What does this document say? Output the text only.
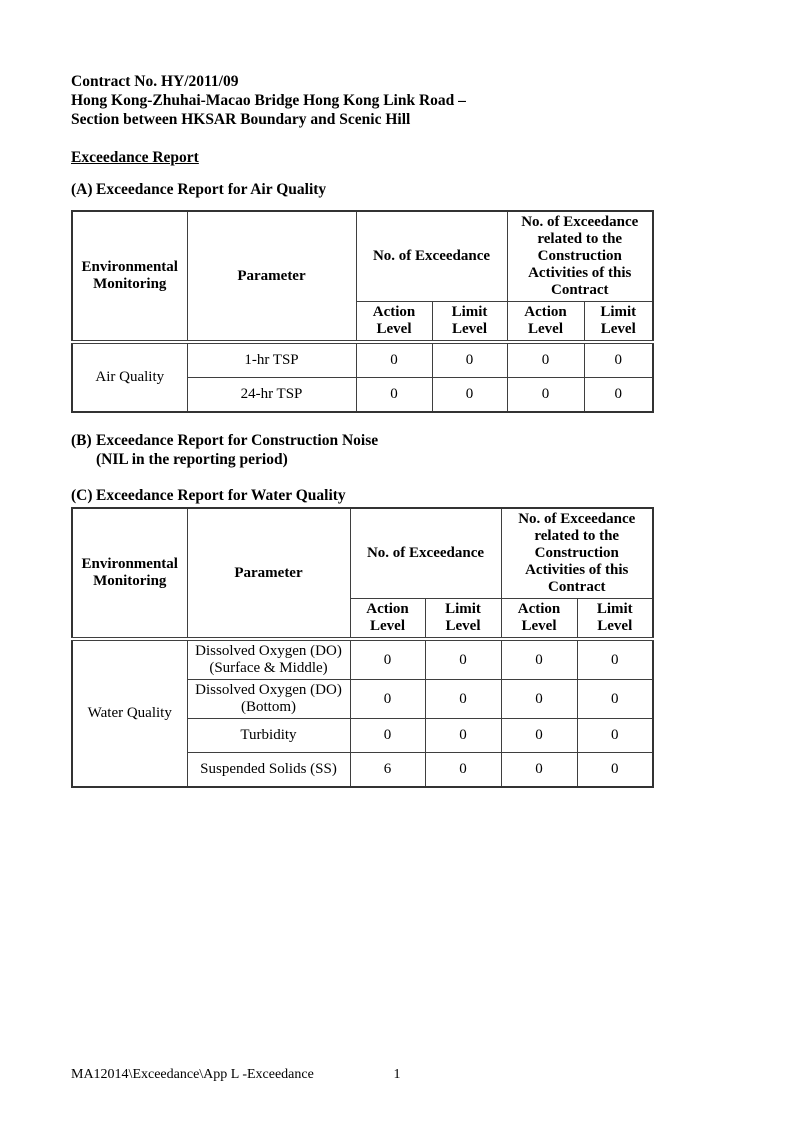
Contract No. HY/2011/09
Hong Kong-Zhuhai-Macao Bridge Hong Kong Link Road –
Section between HKSAR Boundary and Scenic Hill
Exceedance Report
(A) Exceedance Report for Air Quality
Environmental Monitoring	Parameter	No. of Exceedance		No. of Exceedance related to the Construction Activities of this Contract	
		Action Level	Limit Level	Action Level	Limit Level
Air Quality	1-hr TSP	0	0	0	0
	24-hr TSP	0	0	0	0
(B) Exceedance Report for Construction Noise
(NIL in the reporting period)
(C) Exceedance Report for Water Quality
Environmental Monitoring	Parameter	No. of Exceedance		No. of Exceedance related to the Construction Activities of this Contract	
		Action Level	Limit Level	Action Level	Limit Level
Water Quality	Dissolved Oxygen (DO) (Surface & Middle)	0	0	0	0
	Dissolved Oxygen (DO) (Bottom)	0	0	0	0
	Turbidity	0	0	0	0
	Suspended Solids (SS)	6	0	0	0
MA12014\Exceedance\App L -Exceedance	1
